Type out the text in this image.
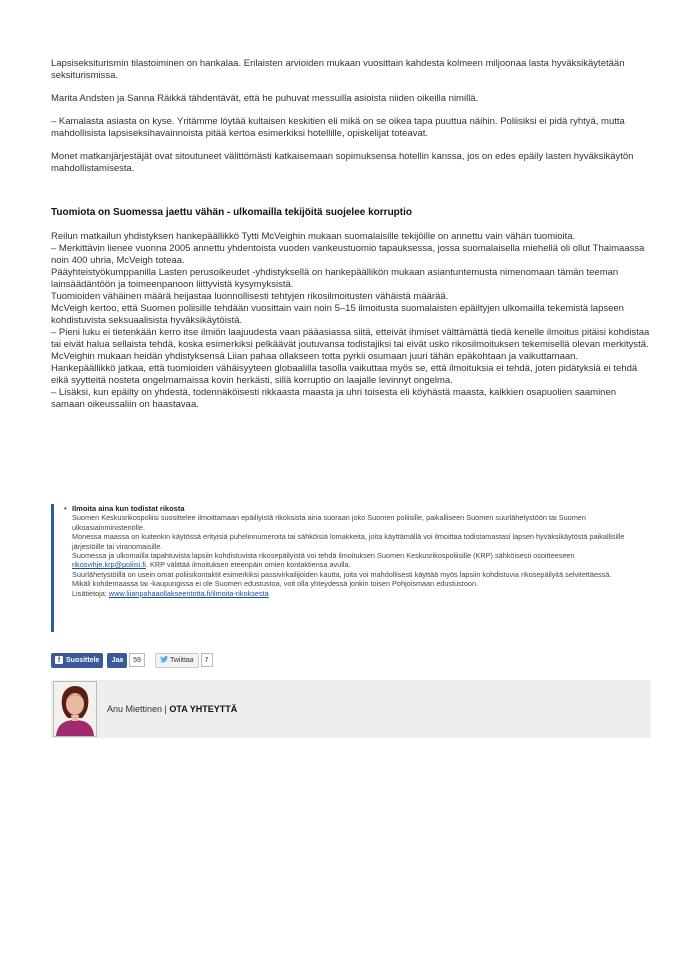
Lapsiseksiturismin tilastoiminen on hankalaa. Erilaisten arvioiden mukaan vuosittain kahdesta kolmeen miljoonaa lasta hyväksikäytetään seksiturismissa.

Marita Andsten ja Sanna Räikkä tähdentävät, että he puhuvat messuilla asioista niiden oikeilla nimillä.

– Kamalasta asiasta on kyse. Yritämme löytää kultaisen keskitien eli mikä on se oikea tapa puuttua näihin. Poliisiksi ei pidä ryhtyä, mutta mahdollisista lapsiseksihavainnoista pitää kertoa esimerkiksi hotellille, opiskelijat toteavat.

Monet matkanjärjestäjät ovat sitoutuneet välittömästi katkaisemaan sopimuksensa hotellin kanssa, jos on edes epäily lasten hyväksikäytön mahdollistamisesta.

Tuomiota on Suomessa jaettu vähän - ulkomailla tekijöitä suojelee korruptio

Reilun matkailun yhdistyksen hankepäällikkö Tytti McVeighin mukaan suomalaisille tekijöille on annettu vain vähän tuomioita.

– Merkittävin lienee vuonna 2005 annettu yhdentoista vuoden vankeustuomio tapauksessa, jossa suomalaisella miehellä oli ollut Thaimaassa noin 400 uhria, McVeigh toteaa.

Pääyhteistyökumppanilla Lasten perusoikeudet -yhdistyksellä on hankepäällikön mukaan asiantuntemusta nimenomaan tämän teeman lainsäädäntöön ja toimeenpanoon liittyvistä kysymyksistä.

Tuomioiden vähäinen määrä heijastaa luonnollisesti tehtyjen rikosilmoitusten vähäistä määrää.

McVeigh kertoo, että Suomen poliisille tehdään vuosittain vain noin 5–15 ilmoitusta suomalaisten epäiltyjen ulkomailla tekemistä lapseen kohdistuvista seksuaalisista hyväksikäytöistä.

– Pieni luku ei tietenkään kerro itse ilmiön laajuudesta vaan pääasiassa siitä, etteivät ihmiset välttämättä tiedä kenelle ilmoitus pitäisi kohdistaa tai eivät halua sellaista tehdä, koska esimerkiksi pelkäävät joutuvansa todistajiksi tai eivät usko rikosilmoituksen tekemisellä olevan merkitystä.

McVeighin mukaan heidän yhdistyksensä Liian pahaa ollakseen totta pyrkii osumaan juuri tähän epäkohtaan ja vaikuttamaan.

Hankepäällikkö jatkaa, että tuomioiden vähäisyyteen globaalilla tasolla vaikuttaa myös se, että ilmoituksia ei tehdä, joten pidätyksiä ei tehdä eikä syytteitä nosteta ongelmamaissa kovin herkästi, sillä korruptio on laajalle levinnyt ongelma.

– Lisäksi, kun epäilty on yhdestä, todennäköisesti rikkaasta maasta ja uhri toisesta eli köyhästä maasta, kaikkien osapuolien saaminen samaan oikeussaliin on haastavaa.

• Ilmoita aina kun todistat rikosta

Suomen Keskusrikospoliisi suosittelee ilmoittamaan epäillyistä rikoksista aina suoraan joko Suomen poliisille, paikalliseen Suomen suurlähetystöön tai Suomen ulkoasiainministeriölle.

Monessa maassa on kuitenkin käytössä erityisiä puhelinnumeroita tai sähköisiä lomakkeita, joita käyttämällä voi ilmoittaa todistamastasi lapsen hyväksikäytöstä paikallisille järjestöille tai viranomaisille.

Suomessa ja ulkomailla tapahtuvista lapsiin kohdistuvista rikosepäilyistä voi tehdä ilmoituksen Suomen Keskusrikospoliisille (KRP) sähköisesti osoitteeseen rikosvihje.krp@poliisi.fi. KRP välittää ilmoituksen eteenpäin omien kontaktiensa avulla.

Suurlähetystöillä on usein omat poliisikontaktit esimerkiksi passivirkailijoiden kautta, joita voi mahdollisesti käyttää myös lapsiin kohdistuvia rikosepäilyitä selvitettäessä.

Mikäli kohdemaassa tai -kaupungissa ei ole Suomen edustustoa, voit olla yhteydessä jonkin toisen Pohjoismaan edustustoon.

Lisätietoja: www.liianpahaaollakseentotta.fi/ilmoita-rikoksesta

f Suosittele	Jaa	59	Twiittaa	7
Anu Miettinen | OTA YHTEYTTÄ
